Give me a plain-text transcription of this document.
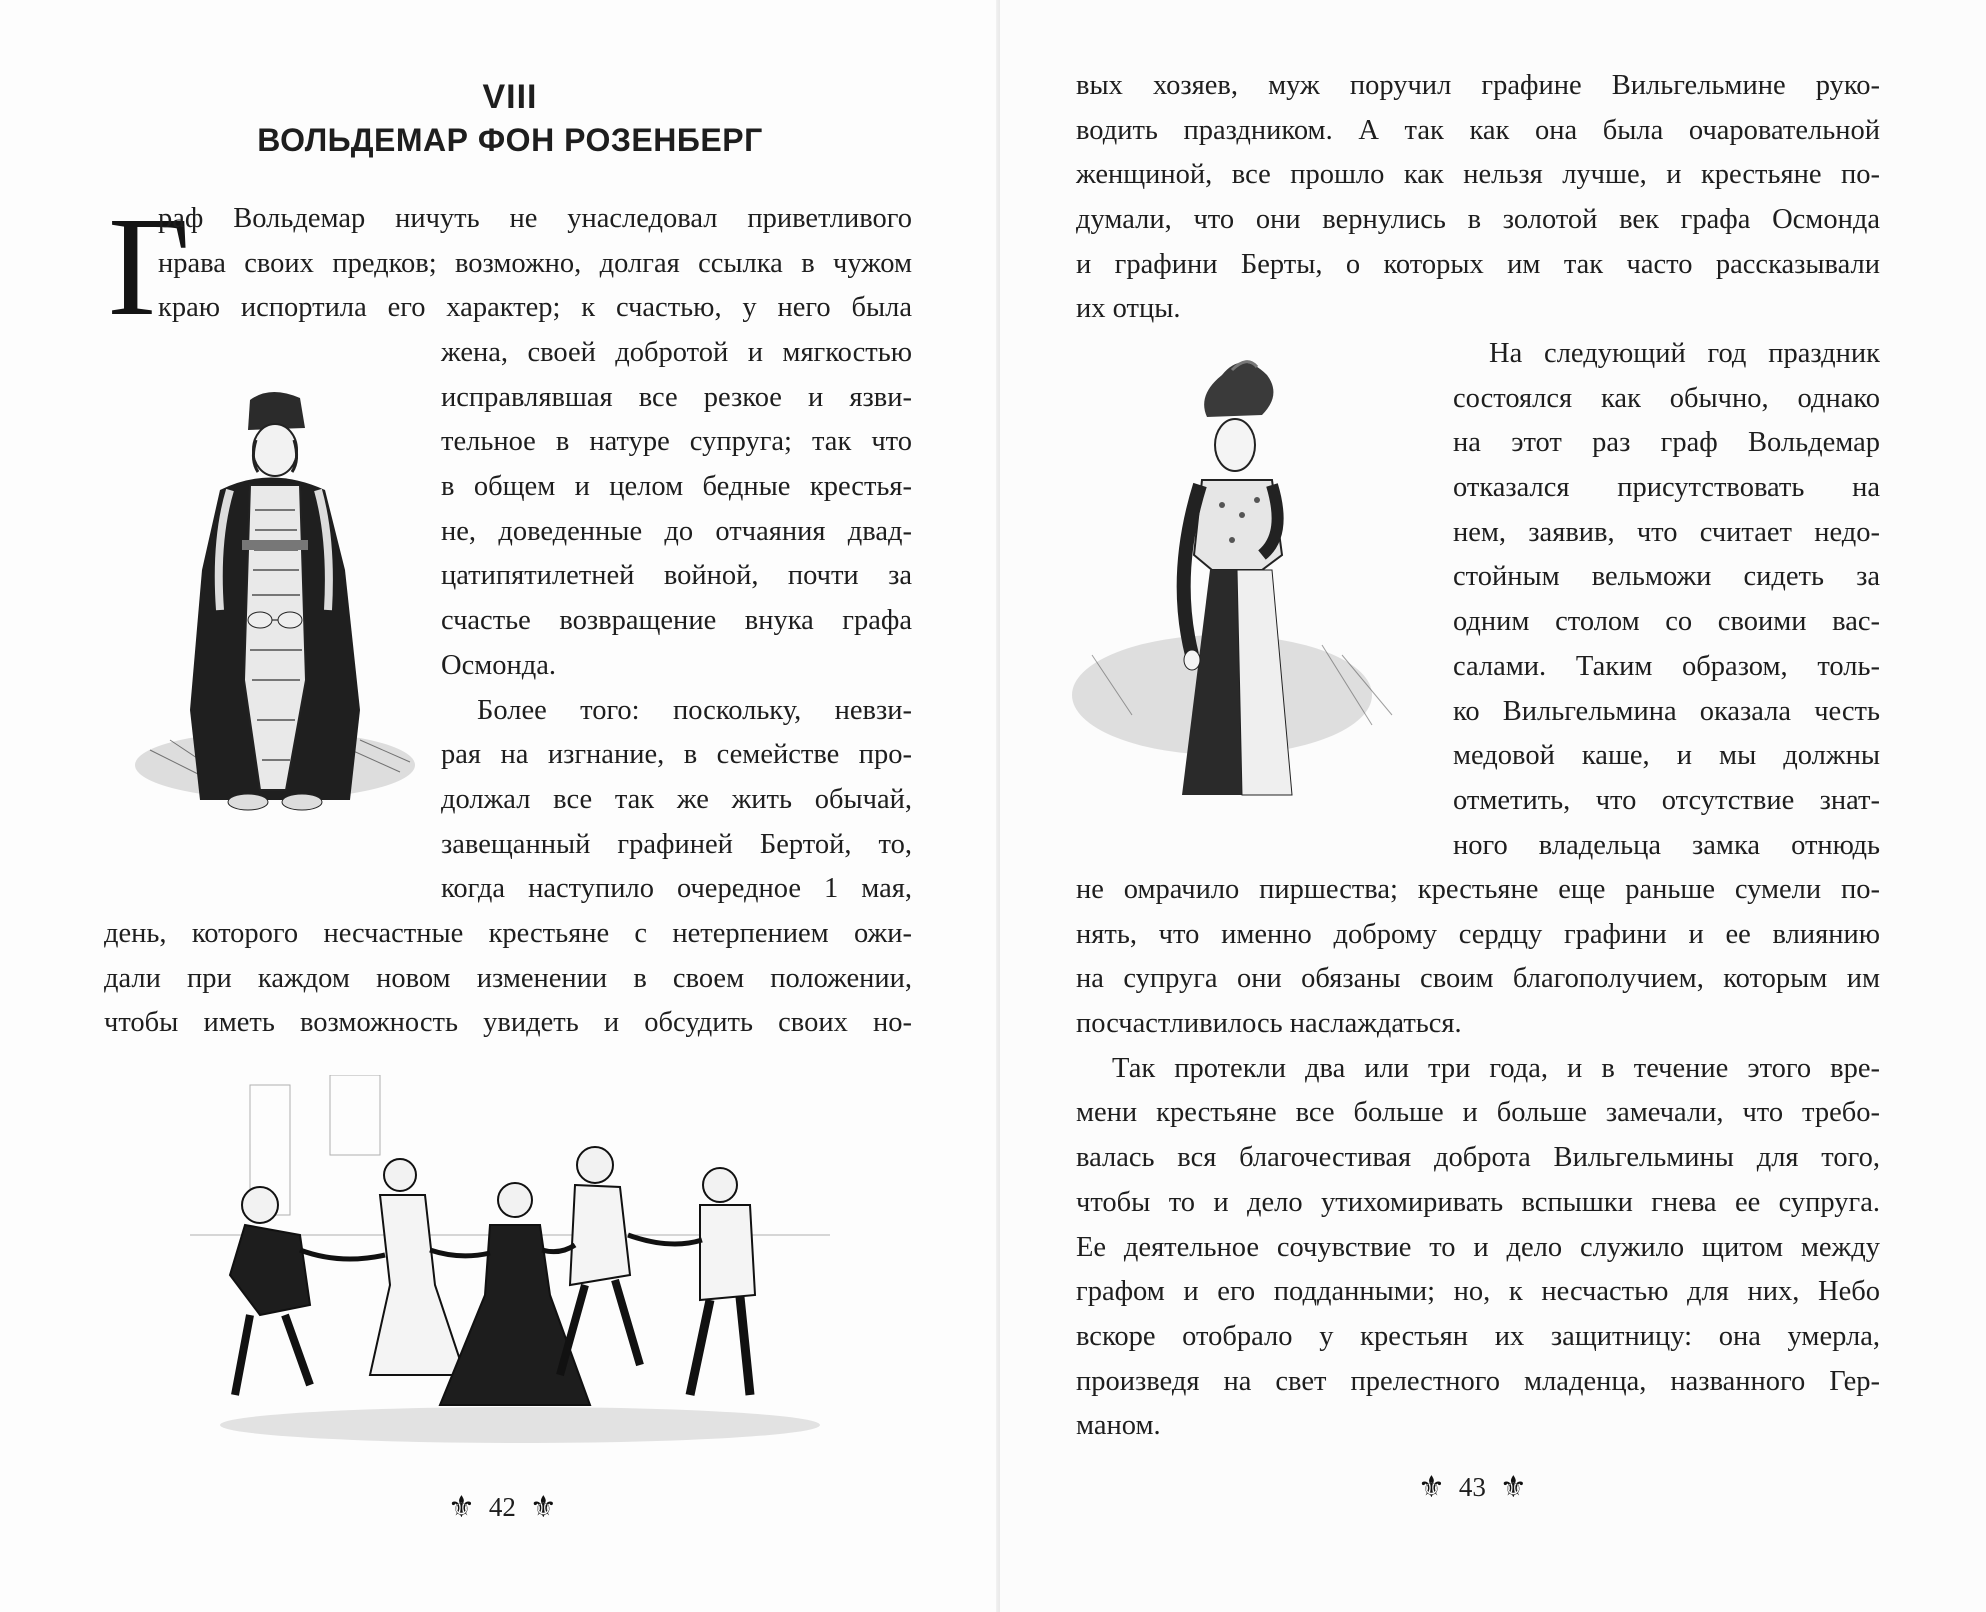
VIII
ВОЛЬДЕМАР ФОН РОЗЕНБЕРГ
Г
раф Вольдемар ничуть не унаследовал приветливого
нрава своих предков; возможно, долгая ссылка в чужом
краю испортила его характер; к счастью, у него была
жена, своей добротой и мягкостью
исправлявшая все резкое и язви-
тельное в натуре супруга; так что
в общем и целом бедные крестья-
не, доведенные до отчаяния двад-
цатипятилетней войной, почти за
счастье возвращение внука графа
Осмонда.
Более того: поскольку, невзи-
рая на изгнание, в семействе про-
должал все так же жить обычай,
завещанный графиней Бертой, то,
когда наступило очередное 1 мая,
день, которого несчастные крестьяне с нетерпением ожи-
дали при каждом новом изменении в своем положении,
чтобы иметь возможность увидеть и обсудить своих но-
⚜ 42 ⚜
вых хозяев, муж поручил графине Вильгельмине руко-
водить праздником. А так как она была очаровательной
женщиной, все прошло как нельзя лучше, и крестьяне по-
думали, что они вернулись в золотой век графа Осмонда
и графини Берты, о которых им так часто рассказывали
их отцы.
На следующий год праздник
состоялся как обычно, однако
на этот раз граф Вольдемар
отказался присутствовать на
нем, заявив, что считает недо-
стойным вельможи сидеть за
одним столом со своими вас-
салами. Таким образом, толь-
ко Вильгельмина оказала честь
медовой каше, и мы должны
отметить, что отсутствие знат-
ного владельца замка отнюдь
не омрачило пиршества; крестьяне еще раньше сумели по-
нять, что именно доброму сердцу графини и ее влиянию
на супруга они обязаны своим благополучием, которым им
посчастливилось наслаждаться.
Так протекли два или три года, и в течение этого вре-
мени крестьяне все больше и больше замечали, что требо-
валась вся благочестивая доброта Вильгельмины для того,
чтобы то и дело утихомиривать вспышки гнева ее супруга.
Ее деятельное сочувствие то и дело служило щитом между
графом и его подданными; но, к несчастью для них, Небо
вскоре отобрало у крестьян их защитницу: она умерла,
произведя на свет прелестного младенца, названного Гер-
маном.
⚜ 43 ⚜
